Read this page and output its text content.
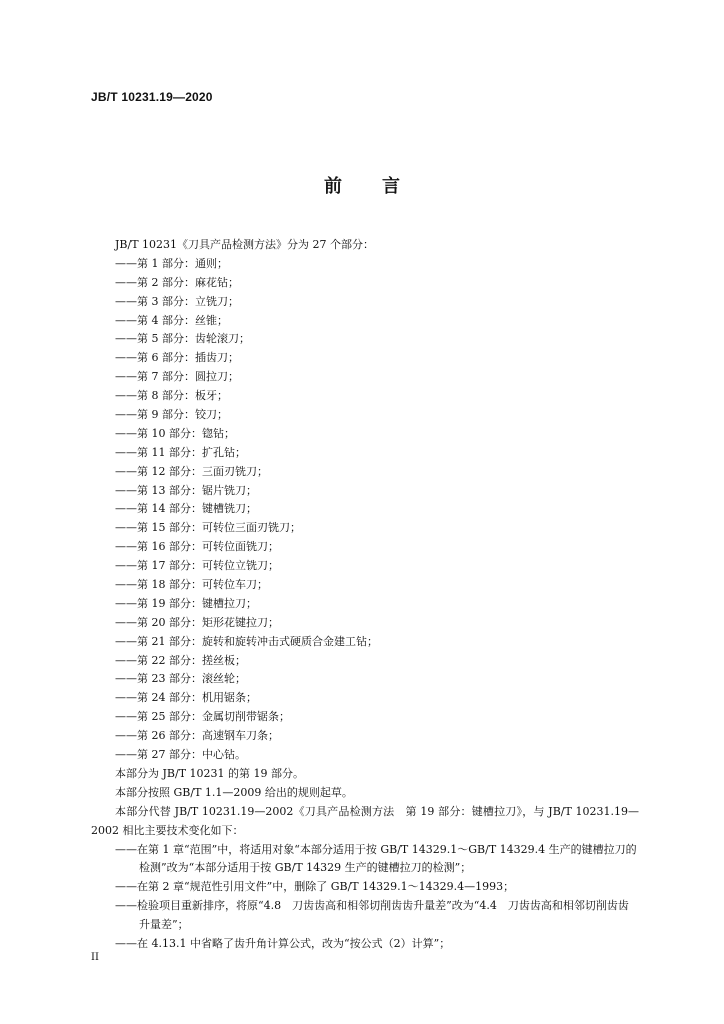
JB/T 10231.19—2020
前言
JB/T 10231《刀具产品检测方法》分为 27 个部分：
——第 1 部分：通则；
——第 2 部分：麻花钻；
——第 3 部分：立铣刀；
——第 4 部分：丝锥；
——第 5 部分：齿轮滚刀；
——第 6 部分：插齿刀；
——第 7 部分：圆拉刀；
——第 8 部分：板牙；
——第 9 部分：铰刀；
——第 10 部分：锪钻；
——第 11 部分：扩孔钻；
——第 12 部分：三面刃铣刀；
——第 13 部分：锯片铣刀；
——第 14 部分：键槽铣刀；
——第 15 部分：可转位三面刃铣刀；
——第 16 部分：可转位面铣刀；
——第 17 部分：可转位立铣刀；
——第 18 部分：可转位车刀；
——第 19 部分：键槽拉刀；
——第 20 部分：矩形花键拉刀；
——第 21 部分：旋转和旋转冲击式硬质合金建工钻；
——第 22 部分：搓丝板；
——第 23 部分：滚丝轮；
——第 24 部分：机用锯条；
——第 25 部分：金属切削带锯条；
——第 26 部分：高速钢车刀条；
——第 27 部分：中心钻。
本部分为 JB/T 10231 的第 19 部分。
本部分按照 GB/T 1.1—2009 给出的规则起草。
本部分代替 JB/T 10231.19—2002《刀具产品检测方法　第 19 部分：键槽拉刀》，与 JB/T 10231.19—2002 相比主要技术变化如下：
——在第 1 章“范围”中，将适用对象“本部分适用于按 GB/T 14329.1～GB/T 14329.4 生产的键槽拉刀的检测”改为“本部分适用于按 GB/T 14329 生产的键槽拉刀的检测”；
——在第 2 章“规范性引用文件”中，删除了 GB/T 14329.1～14329.4—1993；
——检验项目重新排序，将原“4.8　刀齿齿高和相邻切削齿齿升量差”改为“4.4　刀齿齿高和相邻切削齿齿升量差”；
——在 4.13.1 中省略了齿升角计算公式，改为“按公式（2）计算”；
II
